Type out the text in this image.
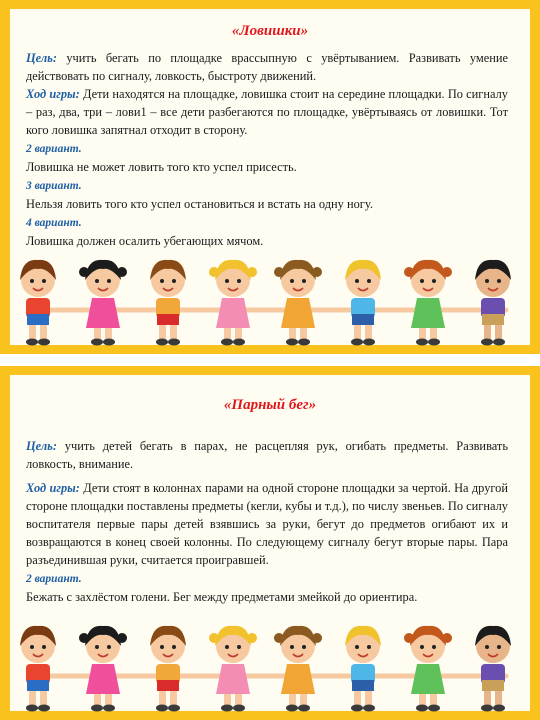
«Ловишки»

Цель: учить бегать по площадке врассыпную с увёртыванием. Развивать умение действовать по сигналу, ловкость, быстроту движений.

Ход игры: Дети находятся на площадке, ловишка стоит на середине площадки. По сигналу – раз, два, три – лови1 – все дети разбегаются по площадке, увёртываясь от ловишки. Тот кого ловишка запятнал отходит в сторону.

2 вариант.

Ловишка не может ловить того кто успел присесть.

3 вариант.

Нельзя ловить того кто успел остановиться и встать на одну ногу.

4 вариант.

Ловишка должен осалить убегающих мячом.

«Парный бег»

Цель: учить детей бегать в парах, не расцепляя рук, огибать предметы. Развивать ловкость, внимание.

Ход игры: Дети стоят в колоннах парами на одной стороне площадки за чертой. На другой стороне площадки поставлены предметы (кегли, кубы и т.д.), по числу звеньев. По сигналу воспитателя первые пары детей взявшись за руки, бегут до предметов огибают их и возвращаются в конец своей колонны. По следующему сигналу бегут вторые пары. Пара разъединившая руки, считается проигравшей.

2 вариант.

Бежать с захлёстом голени. Бег между предметами змейкой до ориентира.
